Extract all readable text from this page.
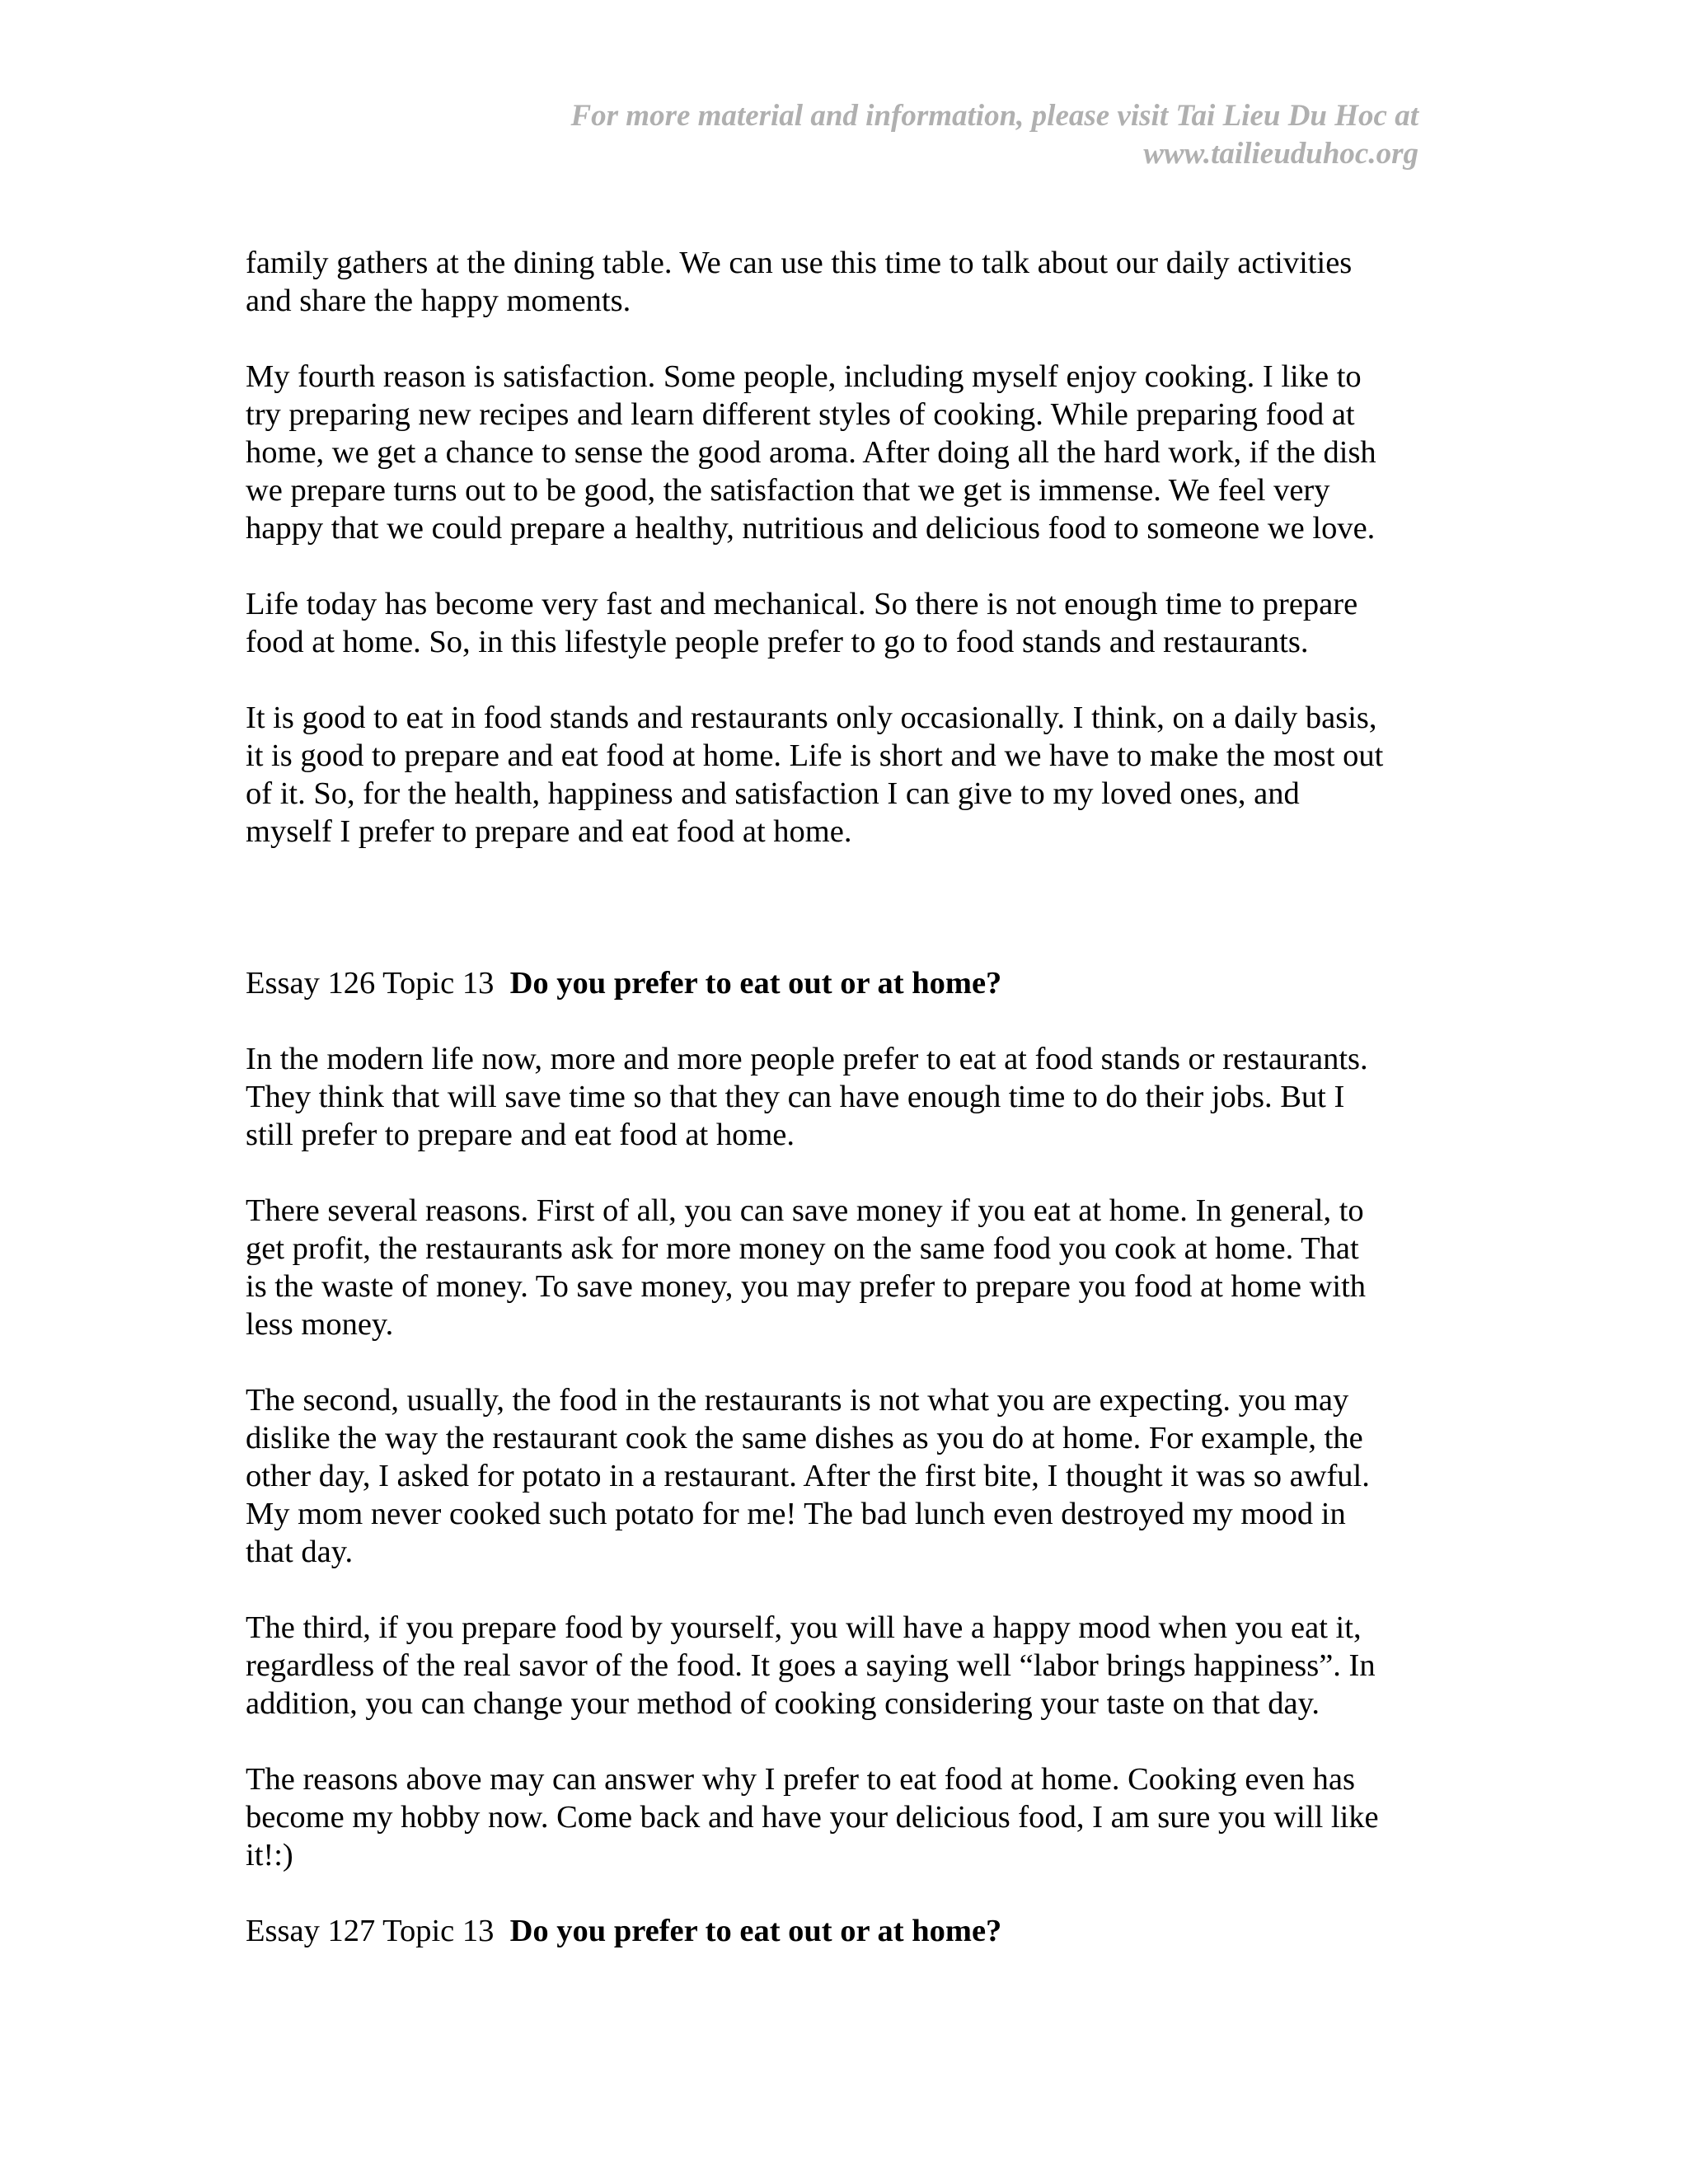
For more material and information, please visit Tai Lieu Du Hoc at
www.tailieuduhoc.org
family gathers at the dining table. We can use this time to talk about our daily activities
and share the happy moments.
My fourth reason is satisfaction. Some people, including myself enjoy cooking. I like to
try preparing new recipes and learn different styles of cooking. While preparing food at
home, we get a chance to sense the good aroma. After doing all the hard work, if the dish
we prepare turns out to be good, the satisfaction that we get is immense. We feel very
happy that we could prepare a healthy, nutritious and delicious food to someone we love.
Life today has become very fast and mechanical. So there is not enough time to prepare
food at home. So, in this lifestyle people prefer to go to food stands and restaurants.
It is good to eat in food stands and restaurants only occasionally. I think, on a daily basis,
it is good to prepare and eat food at home. Life is short and we have to make the most out
of it. So, for the health, happiness and satisfaction I can give to my loved ones, and
myself I prefer to prepare and eat food at home.
Essay 126 Topic 13 Do you prefer to eat out or at home?
In the modern life now, more and more people prefer to eat at food stands or restaurants.
They think that will save time so that they can have enough time to do their jobs. But I
still prefer to prepare and eat food at home.
There several reasons. First of all, you can save money if you eat at home. In general, to
get profit, the restaurants ask for more money on the same food you cook at home. That
is the waste of money. To save money, you may prefer to prepare you food at home with
less money.
The second, usually, the food in the restaurants is not what you are expecting. you may
dislike the way the restaurant cook the same dishes as you do at home. For example, the
other day, I asked for potato in a restaurant. After the first bite, I thought it was so awful.
My mom never cooked such potato for me! The bad lunch even destroyed my mood in
that day.
The third, if you prepare food by yourself, you will have a happy mood when you eat it,
regardless of the real savor of the food. It goes a saying well “labor brings happiness”. In
addition, you can change your method of cooking considering your taste on that day.
The reasons above may can answer why I prefer to eat food at home. Cooking even has
become my hobby now. Come back and have your delicious food, I am sure you will like
it!:)
Essay 127 Topic 13 Do you prefer to eat out or at home?
